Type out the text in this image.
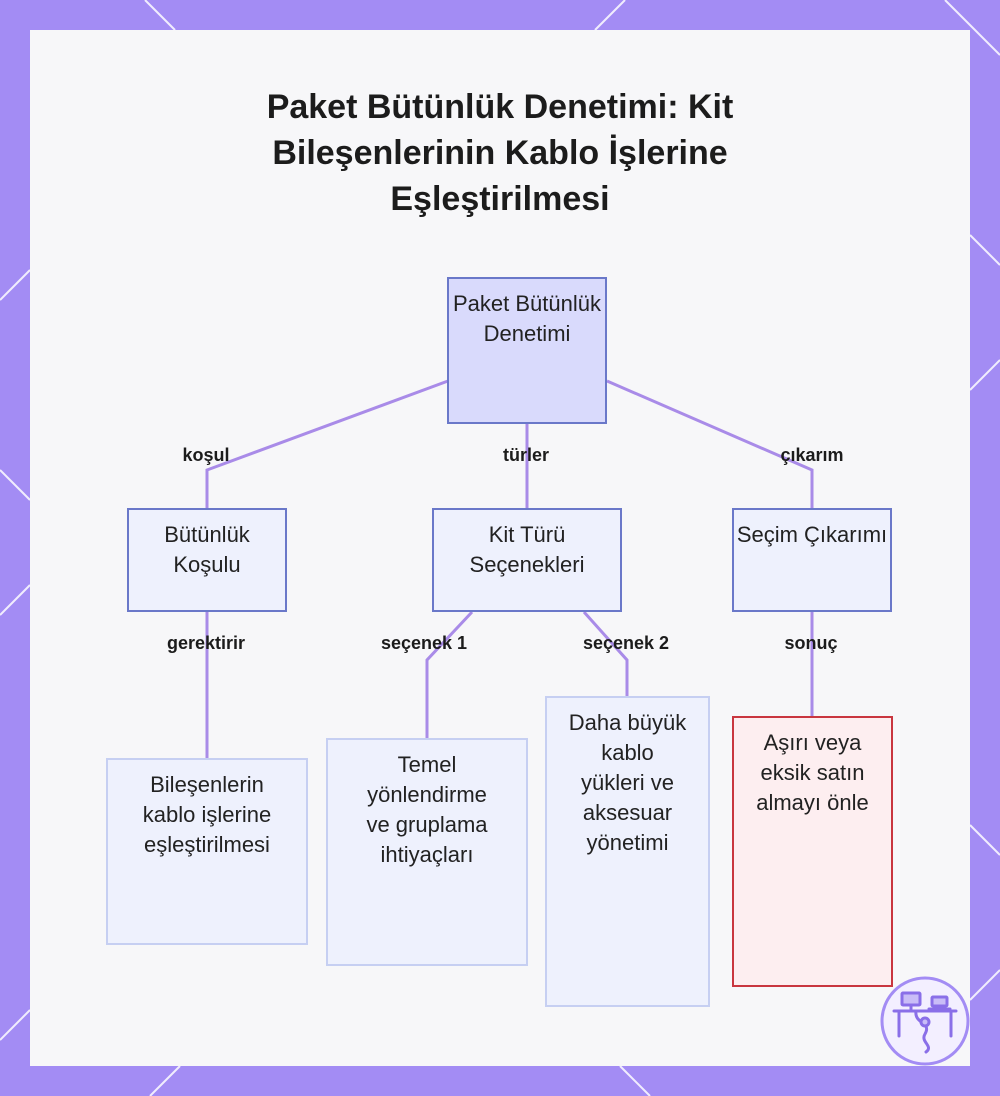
Paket Bütünlük Denetimi: Kit Bileşenlerinin Kablo İşlerine Eşleştirilmesi
Paket Bütünlük Denetimi
Bütünlük Koşulu
Kit Türü Seçenekleri
Seçim Çıkarımı
Bileşenlerin kablo işlerine eşleştirilmesi
Temel yönlendirme ve gruplama ihtiyaçları
Daha büyük kablo yükleri ve aksesuar yönetimi
Aşırı veya eksik satın almayı önle
koşul	türler	çıkarım
gerektirir	seçenek 1	seçenek 2	sonuç
